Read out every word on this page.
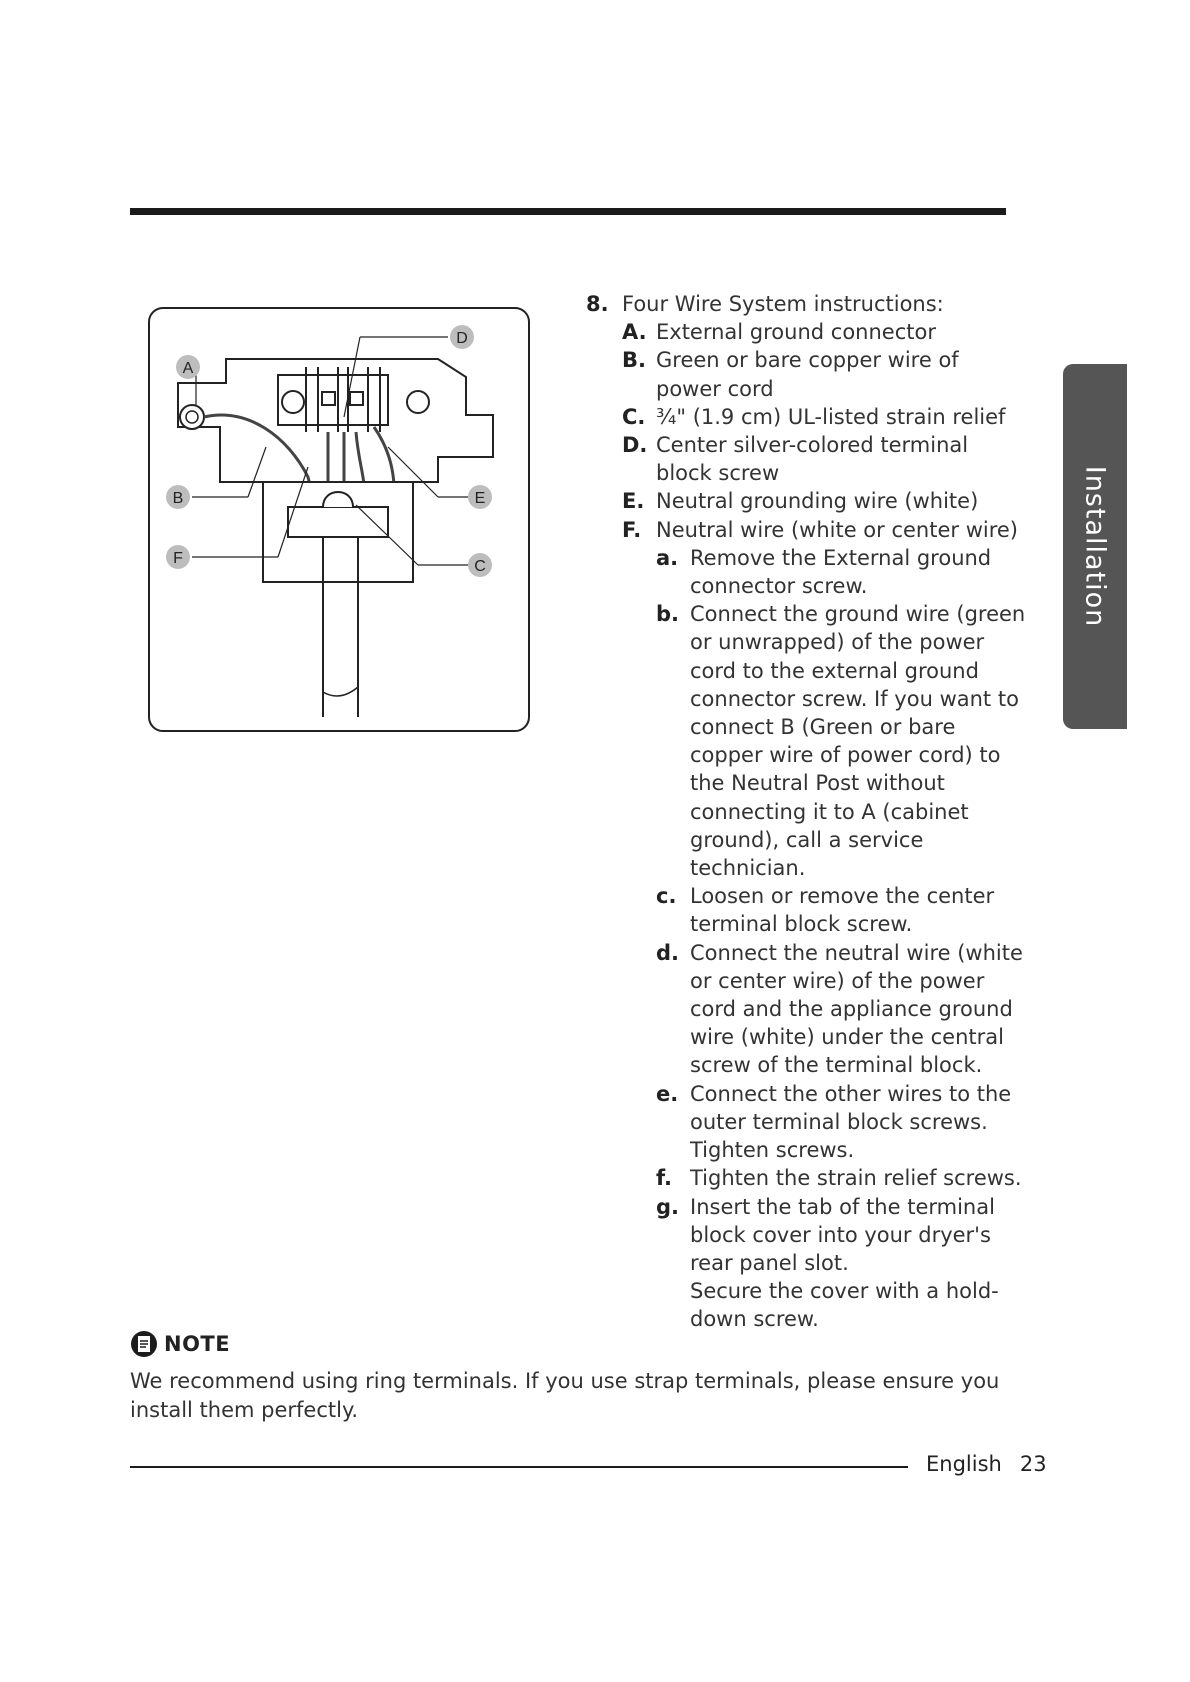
A
B
C
D
E
F	Installation
8. Four Wire System instructions:
A. External ground connector
B. Green or bare copper wire of power cord
C. ¾" (1.9 cm) UL-listed strain relief
D. Center silver-colored terminal block screw
E. Neutral grounding wire (white)
F. Neutral wire (white or center wire)
a. Remove the External ground connector screw.
b. Connect the ground wire (green or unwrapped) of the power cord to the external ground connector screw. If you want to connect B (Green or bare copper wire of power cord) to the Neutral Post without connecting it to A (cabinet ground), call a service technician.
c. Loosen or remove the center terminal block screw.
d. Connect the neutral wire (white or center wire) of the power cord and the appliance ground wire (white) under the central screw of the terminal block.
e. Connect the other wires to the outer terminal block screws. Tighten screws.
f. Tighten the strain relief screws.
g. Insert the tab of the terminal block cover into your dryer's rear panel slot.
Secure the cover with a hold-down screw.
NOTE
We recommend using ring terminals. If you use strap terminals, please ensure you install them perfectly.
English 23
